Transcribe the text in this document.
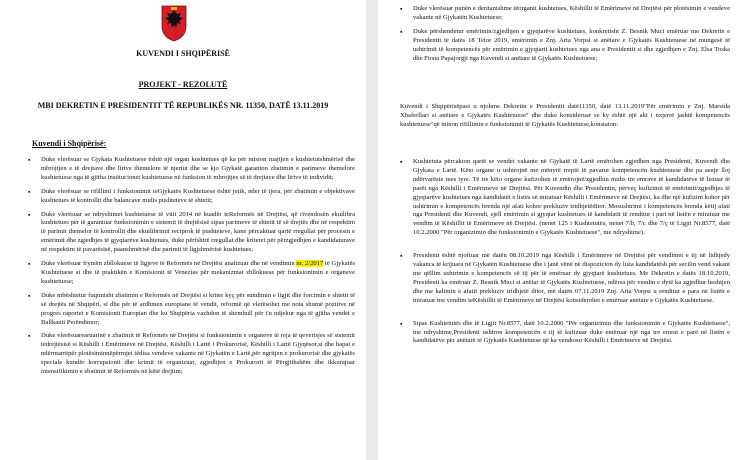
KUVENDI I SHQIPËRISË
PROJEKT - REZOLUTË
MBI DEKRETIN E PRESIDENTIT TË REPUBLIKËS NR. 11350, DATË 13.11.2019
Kuvendi i Shqipërisë:
▪ Duke vlerësuar se Gjykata Kushtetuese është një organ kushtetues që ka për mision ruajtjen e kushtetutshmërisë dhe mbrojtjen e të drejtave dhe lirive themelore të njeriut dhe se kjo Gjykatë garanton zbatimin e parimeve themelore kushtetuese nga të gjitha institucionet kushtetuese në funksion të mbrojtjes së të drejtave dhe lirive të individit;
▪ Duke vlerësuar se rifillimi i funksionimit teGjykatës Kushtetuese është jetik, nder të tjera, për zbatimin e objektivave kushtetues të kontrollit dhe balancave midis pushteteve të shtetit;
▪ Duke vlerësuar se ndryshimet kushtetuese të vitit 2014 në kuadër teReformës në Drejtësi, që rivendosën ekuilibra kushtetues për të garantuar funksionimin e sistemit të drejtësisë sipas parimeve të shtetit të së drejtës dhe në respektim të parimit themelor të kontrollit dhe ekuilibrimit reciprok të pushteteve, kane përcaktuar qartë rregullat për procesin e emërimit dhe zgjedhjes të gjyqtarëve kushtetues, duke përfshirë rregullat dhe kriteret për përzgjedhjen e kandidaturave në respektim të pavarësisë, paanshmërisë dhe parimit të ligjshmërisë kushtetues;
▪ Duke vlerësuar frymën zbllokuese të ligjeve të Reformës në Drejtësi analizuar dhe në vendimin nr. 2/2017 të Gjykatës Kushtetuese si dhe të praktikën e Komisionit të Venezias për mekanizmat zbllokuese për funksionimin e organeve kushtetuese;
▪ Duke mbështetur fuqimisht zbatimin e Reformës në Drejtësi si kriter kyç për sundimin e ligjit dhe forcimin e shtetit të së drejtës në Shqipëri, si dhe për të ardhmen europiane të vendit, reformë që vlerësohet me nota shumë pozitive në progres raportet e Komisionit Europian dhe ku Shqipëria vazhdon të shembull për t'u ndjekur nga të gjitha vendet e Ballkanit Perëndimor;
▪ Duke vlerësuarearuarinë e zbatimit të Reformës në Drejtësi si funksionimin e organeve të reja të qeverisjes së sistemit tëdrejtësisë si Këshilli i Emërimeve në Drejtësi, Këshilli i Lartë i Prokurorisë, Këshilli i Lartë Gjyqësor,si dhe hapat e ndërmarrëpër plotësiminnëpërmjet tëdisa vendeve vakante në Gjykatën e Lartë,për ngritjen e prokurorisë dhe gjykatës speciale kundër korrupsionit dhe krimit të organizuar, zgjedhjen e Prokurorit të Përgjithshëm dhe ikkurajuar intensifikimin e zbatimit të Reformës në këtë drejtim;
▪ Duke vlerësuar punën e deritanishme tëorganit kushtetues, Këshillit të Emërimeve në Drejtësi për plotësimin e vendeve vakante në Gjykatën Kushtetuese;
▪ Duke përshendetur emërimin/zgjedhjen e gjyqtarëve kushtetues, konkretisht Z. Besnik Muci emëruar me Dekretin e Presidentit të datës 18 Tetor 2019, emërimin e Znj. Arta Vorpsi si anëtare e Gjykatës Kushtetuese në mungesë të ushtrimit të kompetencës për emërimin e gjyqtarit kushtetues nga ana e Presidentit si dhe zgjedhjen e Znj. Elsa Toska dhe Fiona Papajorgji nga Kuvendi si anëtare të Gjykatës Kushtetuese;
Kuvendi i Shqipërisëpasi u njohme Dekretin e Presidentit datë11350, datë 13.11.2019"Për emërimin e Znj. Marsida Xhaferllari si anëtare e Gjykatës Kushtetuese" dhe duke konsideruar se ky është një akt i nxjerrë jashtë kompetencës kushtetuese"që minon rifillimin e funksionimit të Gjykatës Kushtetuese,konstaton:
▪ Kushtetuta përcakton qartë se vendet vakante në Gjykatë të Lartë emërohen zgjedhen nga Presidenti, Kuvendi dhe Gjykata e Lartë. Këto organe u ushtrojnë me mënyrë rreptë të pavarur kompetencën kushtetuese dhe pa asnje lloj ndërvarësie mes tyre. Të tre këto organe kufizohen të emërojnë/zgjedhin midis tre emrave të kandidatëve të listuar të parët nga Këshilli i Emërimeve në Drejtësi. Për Kuvendin dhe Presidentin, përveç kufizimit të emërimit/zgjedhjes të gjyqtarëve kushtetues nga kandidatët e listës së miratuar Këshilli i Emërimeve në Drejtësi, ka dhe një kufizim kohor për ushtrimin e kompetencës brenda një afati kohor prekluziv tridhjetëditor. Mosushtrimi i kompetencës brenda këtij afati nga Presidenti dhe Kuvendi, sjell emërimin si gjyqtar kushtetues të kandidatit të renditur i pari në listën e miratuar me vendim të Këshillit të Emërimeve në Drejtësi. (nenet 125 i Kushtetutës, nenet 7/b, 7/c dhe 7/ç të Ligjit Nr.8577, datë 10.2.2000 "Për organizimin dhe funksionimin e Gjykatës Kushtetuese", me ndryshime).
▪ Presidenti është njoftuar më datën 08.10.2019 nga Këshilli i Emërimeve në Drejtësi për vendimet e tij në lidhjedy vakanca të krijuara në Gjykatën Kushtetuese dhe i janë vënë në dispozicion dy lista kandidatësh për secilin vend vakant me qëllim ushtrimin e kompetencës së tij për të emëruar dy gjyqtarë kushtetues. Me Dekretin e datës 18.10.2019, Presidenti ka emëruar Z. Besnik Muci si anëtar të Gjykatës Kushtetuese, ndërsa për vendin e dytë ka zgjedhur heshtjen dhe me kalimin e afatit prekluziv tridhjetë ditor, më datën 07.11.2019 Znj. Arta Vorpsi u renditur e para në listën e miratuar me vendim teKëshillit të Emërimeve në Drejtësi konsiderohet e emëruar anëtare e Gjykatës Kushtetuese.
▪ Sipas Kushtetutës dhe të Ligjit Nr.8577, datë 10.2.2000 "Për organizimin dhe funksionimin e Gjykatës Kushtetuese", me ndryshime,Presidenti ushtron kompetencën e tij të kufizuar duke emëruar një nga tre emrat e parë në listën e kandidatëve për anëtarë të Gjykatës Kushtetuese që ka vendosur Këshilli i Emërimeve në Drejtësi.
